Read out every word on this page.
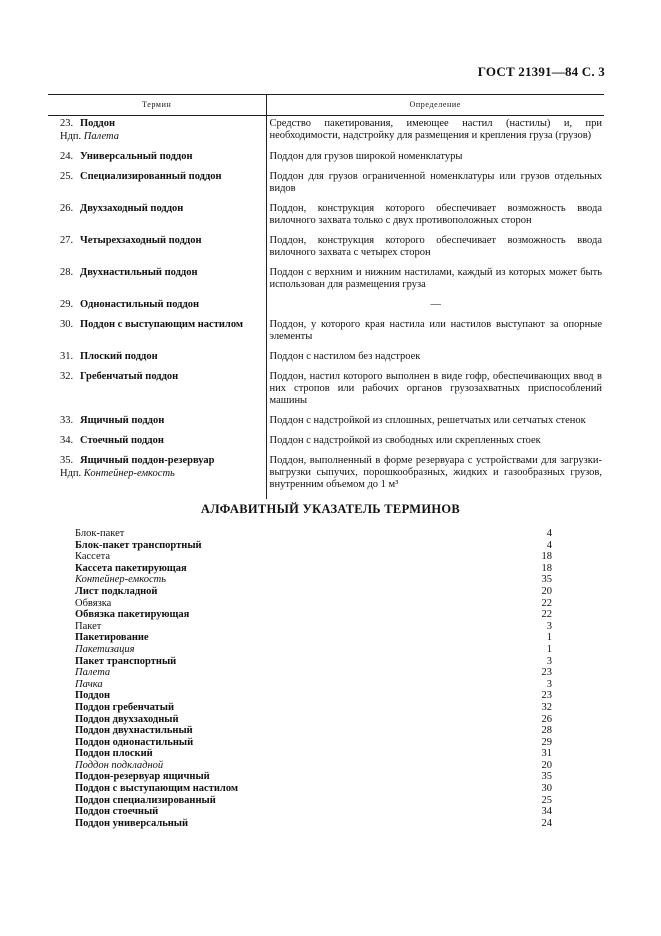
ГОСТ 21391—84 С. 3
Термин	Определение
23. Поддон
Ндп. Палета	Средство пакетирования, имеющее настил (настилы) и, при необходимости, надстройку для размещения и крепления груза (грузов)
24. Универсальный поддон	Поддон для грузов широкой номенклатуры
25. Специализированный поддон	Поддон для грузов ограниченной номенклатуры или грузов отдельных видов
26. Двухзаходный поддон	Поддон, конструкция которого обеспечивает возможность ввода вилочного захвата только с двух противоположных сторон
27. Четырехзаходный поддон	Поддон, конструкция которого обеспечивает возможность ввода вилочного захвата с четырех сторон
28. Двухнастильный поддон	Поддон с верхним и нижним настилами, каждый из которых может быть использован для размещения груза
29. Однонастильный поддон	—
30. Поддон с выступающим настилом	Поддон, у которого края настила или настилов выступают за опорные элементы
31. Плоский поддон	Поддон с настилом без надстроек
32. Гребенчатый поддон	Поддон, настил которого выполнен в виде гофр, обеспечивающих ввод в них стропов или рабочих органов грузозахватных приспособлений машины
33. Ящичный поддон	Поддон с надстройкой из сплошных, решетчатых или сетчатых стенок
34. Стоечный поддон	Поддон с надстройкой из свободных или скрепленных стоек
35. Ящичный поддон-резервуар
Ндп. Контейнер-емкость	Поддон, выполненный в форме резервуара с устройствами для загрузки-выгрузки сыпучих, порошкообразных, жидких и газообразных грузов, внутренним объемом до 1 м³
АЛФАВИТНЫЙ УКАЗАТЕЛЬ ТЕРМИНОВ
Блок-пакет	4
Блок-пакет транспортный	4
Кассета	18
Кассета пакетирующая	18
Контейнер-емкость	35
Лист подкладной	20
Обвязка	22
Обвязка пакетирующая	22
Пакет	3
Пакетирование	1
Пакетизация	1
Пакет транспортный	3
Палета	23
Пачка	3
Поддон	23
Поддон гребенчатый	32
Поддон двухзаходный	26
Поддон двухнастильный	28
Поддон однонастильный	29
Поддон плоский	31
Поддон подкладной	20
Поддон-резервуар ящичный	35
Поддон с выступающим настилом	30
Поддон специализированный	25
Поддон стоечный	34
Поддон универсальный	24
